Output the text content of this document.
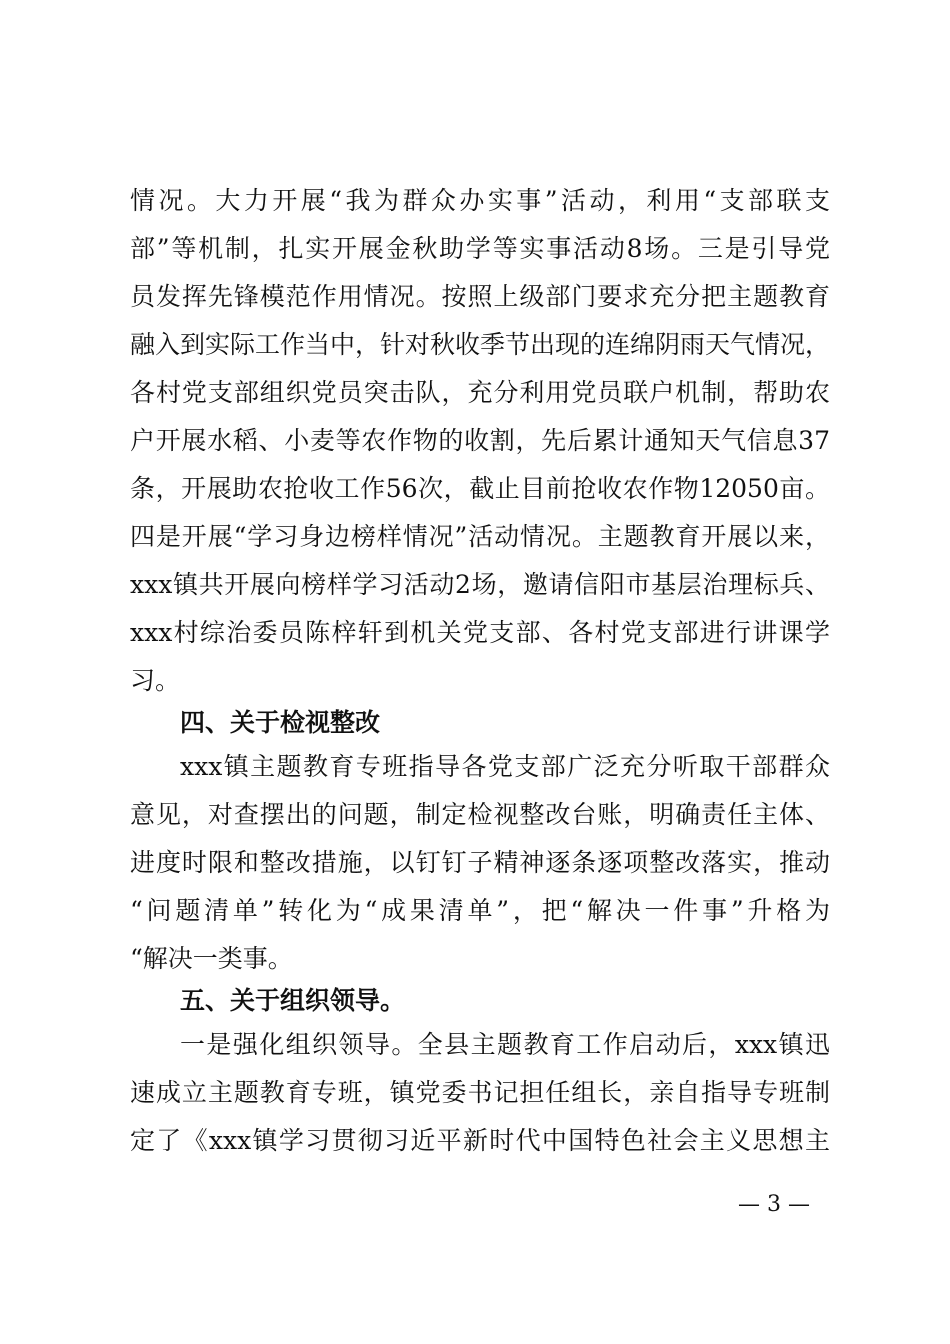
情况。大力开展“我为群众办实事”活动，利用“支部联支
部”等机制，扎实开展金秋助学等实事活动8场。三是引导党
员发挥先锋模范作用情况。按照上级部门要求充分把主题教育
融入到实际工作当中，针对秋收季节出现的连绵阴雨天气情况，
各村党支部组织党员突击队，充分利用党员联户机制，帮助农
户开展水稻、小麦等农作物的收割，先后累计通知天气信息37
条，开展助农抢收工作56次，截止目前抢收农作物12050亩。
四是开展“学习身边榜样情况”活动情况。主题教育开展以来，
xxx镇共开展向榜样学习活动2场，邀请信阳市基层治理标兵、
xxx村综治委员陈梓轩到机关党支部、各村党支部进行讲课学
习。
四、关于检视整改
xxx镇主题教育专班指导各党支部广泛充分听取干部群众
意见，对查摆出的问题，制定检视整改台账，明确责任主体、
进度时限和整改措施，以钉钉子精神逐条逐项整改落实，推动
“问题清单”转化为“成果清单”，把“解决一件事”升格为
“解决一类事。
五、关于组织领导。
一是强化组织领导。全县主题教育工作启动后，xxx镇迅
速成立主题教育专班，镇党委书记担任组长，亲自指导专班制
定了《xxx镇学习贯彻习近平新时代中国特色社会主义思想主
— 3 —
